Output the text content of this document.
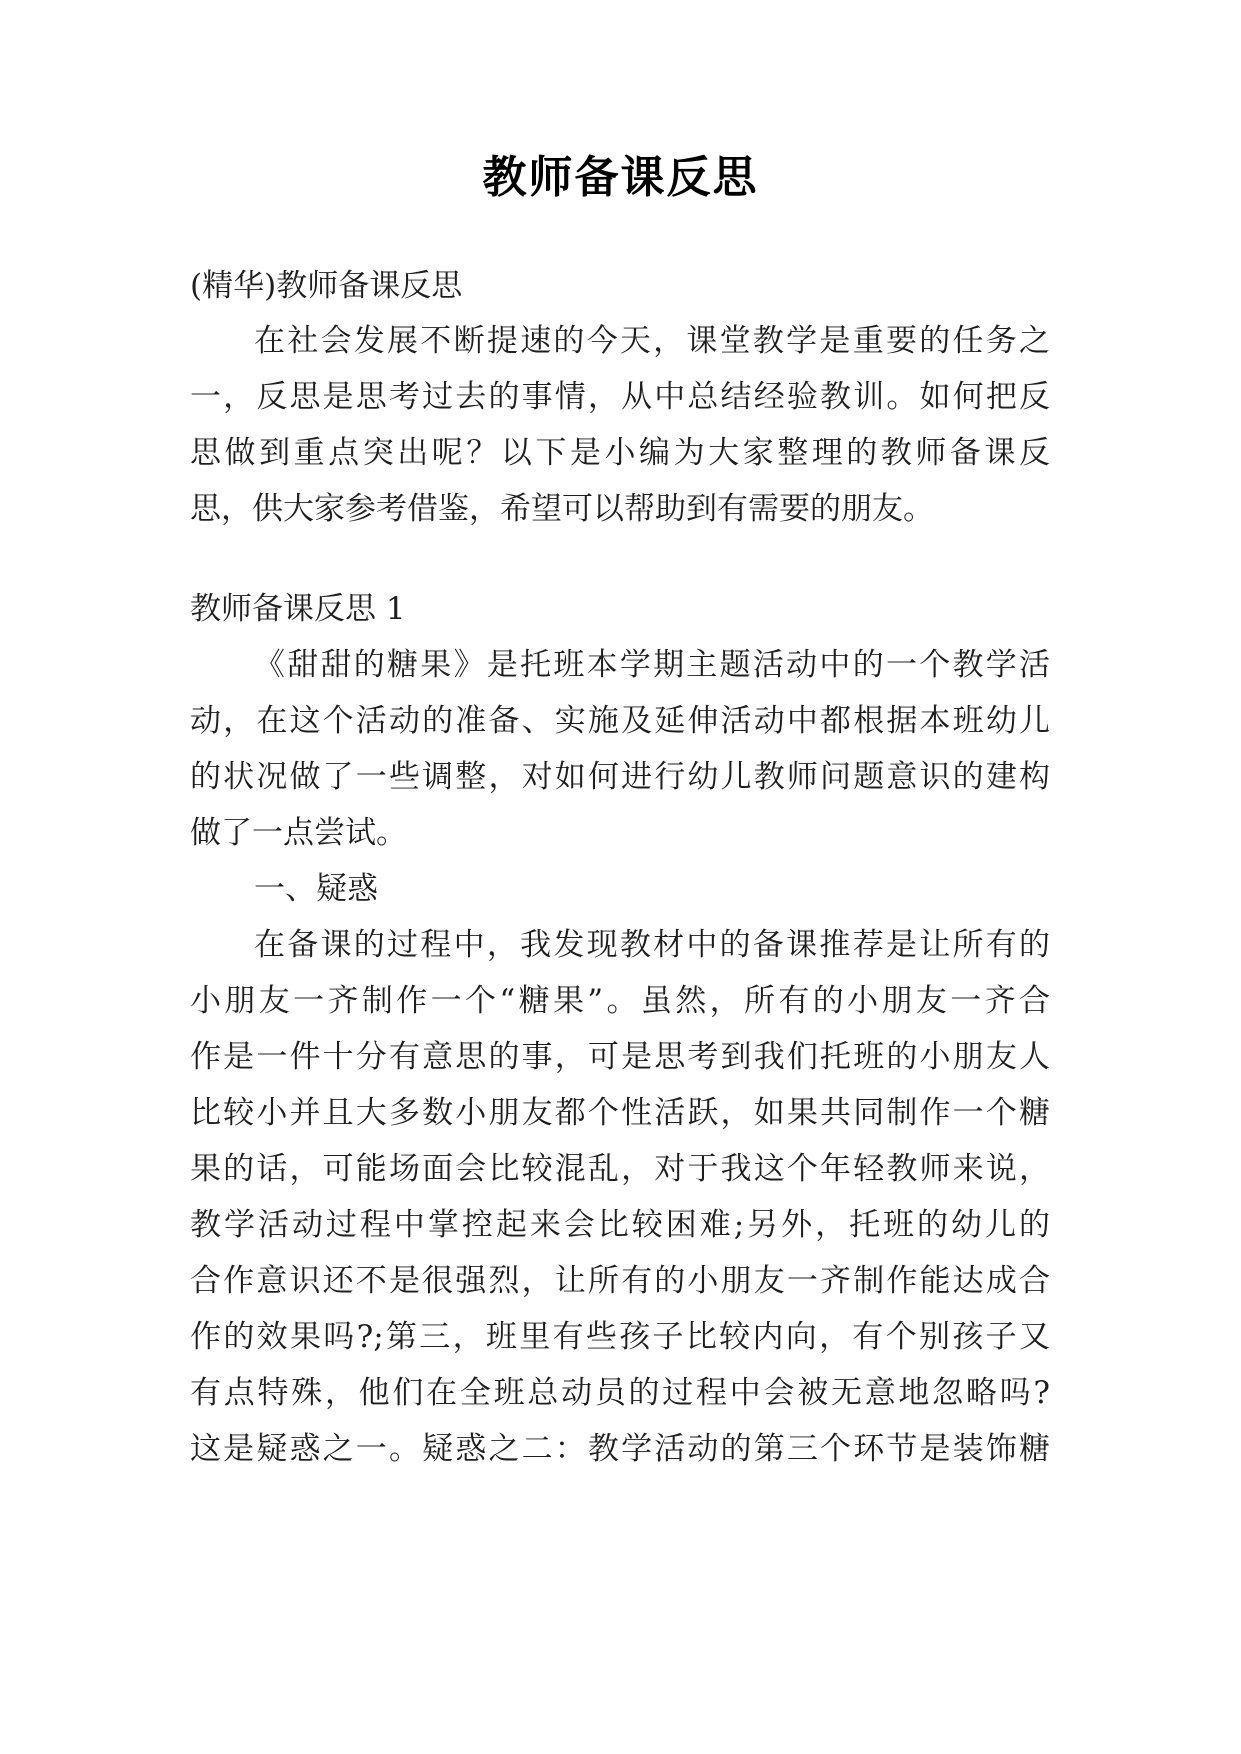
教师备课反思
(精华)教师备课反思
在社会发展不断提速的今天，课堂教学是重要的任务之
一，反思是思考过去的事情，从中总结经验教训。如何把反
思做到重点突出呢？以下是小编为大家整理的教师备课反
思，供大家参考借鉴，希望可以帮助到有需要的朋友。
教师备课反思 1
《甜甜的糖果》是托班本学期主题活动中的一个教学活
动，在这个活动的准备、实施及延伸活动中都根据本班幼儿
的状况做了一些调整，对如何进行幼儿教师问题意识的建构
做了一点尝试。
一、疑惑
在备课的过程中，我发现教材中的备课推荐是让所有的
小朋友一齐制作一个“糖果”。虽然，所有的小朋友一齐合
作是一件十分有意思的事，可是思考到我们托班的小朋友人
比较小并且大多数小朋友都个性活跃，如果共同制作一个糖
果的话，可能场面会比较混乱，对于我这个年轻教师来说，
教学活动过程中掌控起来会比较困难;另外，托班的幼儿的
合作意识还不是很强烈，让所有的小朋友一齐制作能达成合
作的效果吗?;第三，班里有些孩子比较内向，有个别孩子又
有点特殊，他们在全班总动员的过程中会被无意地忽略吗?
这是疑惑之一。疑惑之二：教学活动的第三个环节是装饰糖
